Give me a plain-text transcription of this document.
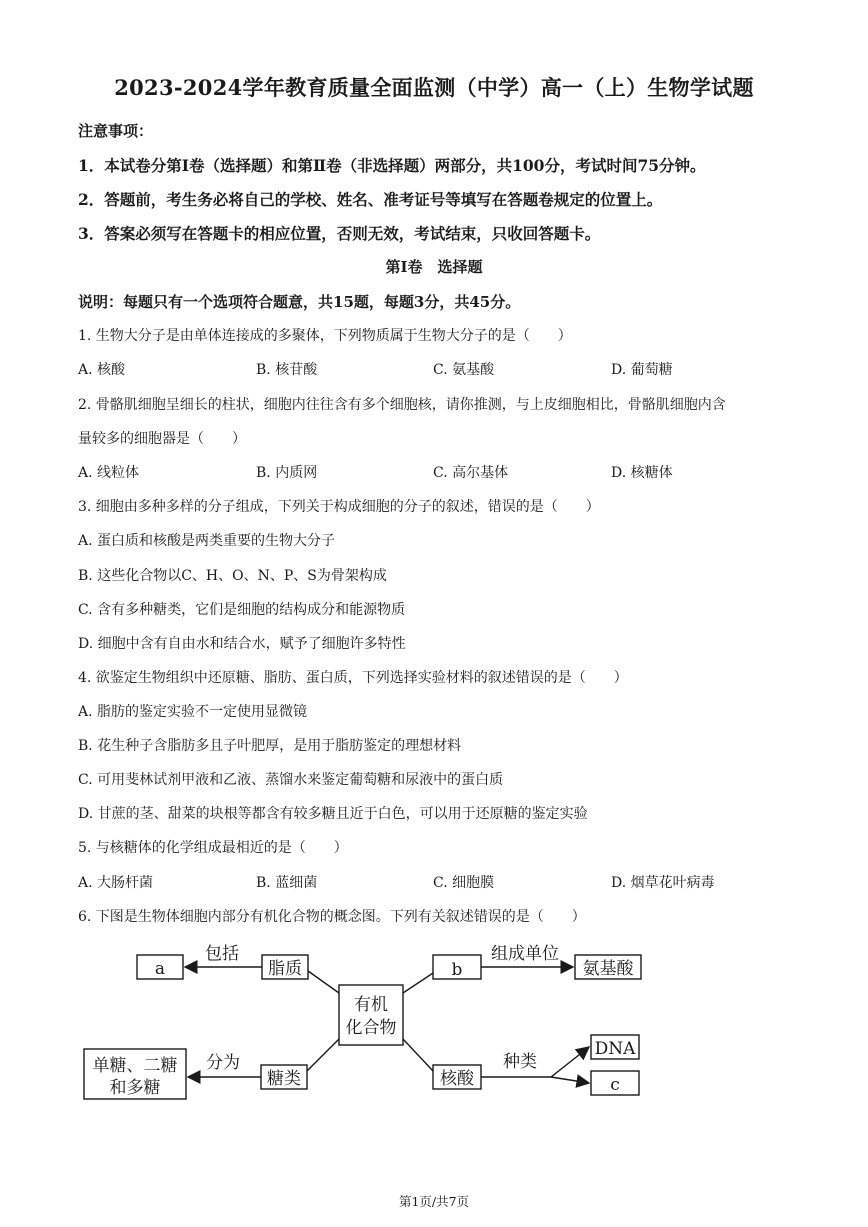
2023-2024学年教育质量全面监测（中学）高一（上）生物学试题
注意事项：
1．本试卷分第Ⅰ卷（选择题）和第Ⅱ卷（非选择题）两部分，共100分，考试时间75分钟。
2．答题前，考生务必将自己的学校、姓名、准考证号等填写在答题卷规定的位置上。
3．答案必须写在答题卡的相应位置，否则无效，考试结束，只收回答题卡。
第Ⅰ卷　选择题
说明：每题只有一个选项符合题意，共15题，每题3分，共45分。
1. 生物大分子是由单体连接成的多聚体，下列物质属于生物大分子的是（　　）
A. 核酸	B. 核苷酸	C. 氨基酸	D. 葡萄糖
2. 骨骼肌细胞呈细长的柱状，细胞内往往含有多个细胞核，请你推测，与上皮细胞相比，骨骼肌细胞内含
量较多的细胞器是（　　）
A. 线粒体	B. 内质网	C. 高尔基体	D. 核糖体
3. 细胞由多种多样的分子组成，下列关于构成细胞的分子的叙述，错误的是（　　）
A. 蛋白质和核酸是两类重要的生物大分子
B. 这些化合物以C、H、O、N、P、S为骨架构成
C. 含有多种糖类，它们是细胞的结构成分和能源物质
D. 细胞中含有自由水和结合水，赋予了细胞许多特性
4. 欲鉴定生物组织中还原糖、脂肪、蛋白质，下列选择实验材料的叙述错误的是（　　）
A. 脂肪的鉴定实验不一定使用显微镜
B. 花生种子含脂肪多且子叶肥厚，是用于脂肪鉴定的理想材料
C. 可用斐林试剂甲液和乙液、蒸馏水来鉴定葡萄糖和尿液中的蛋白质
D. 甘蔗的茎、甜菜的块根等都含有较多糖且近于白色，可以用于还原糖的鉴定实验
5. 与核糖体的化学组成最相近的是（　　）
A. 大肠杆菌	B. 蓝细菌	C. 细胞膜	D. 烟草花叶病毒
6. 下图是生物体细胞内部分有机化合物的概念图。下列有关叙述错误的是（　　）
有机
化合物
脂质
a
包括
b	氨基酸
组成单位
糖类
单糖、二糖
和多糖
分为
核酸
种类
DNA
c
第1页/共7页
